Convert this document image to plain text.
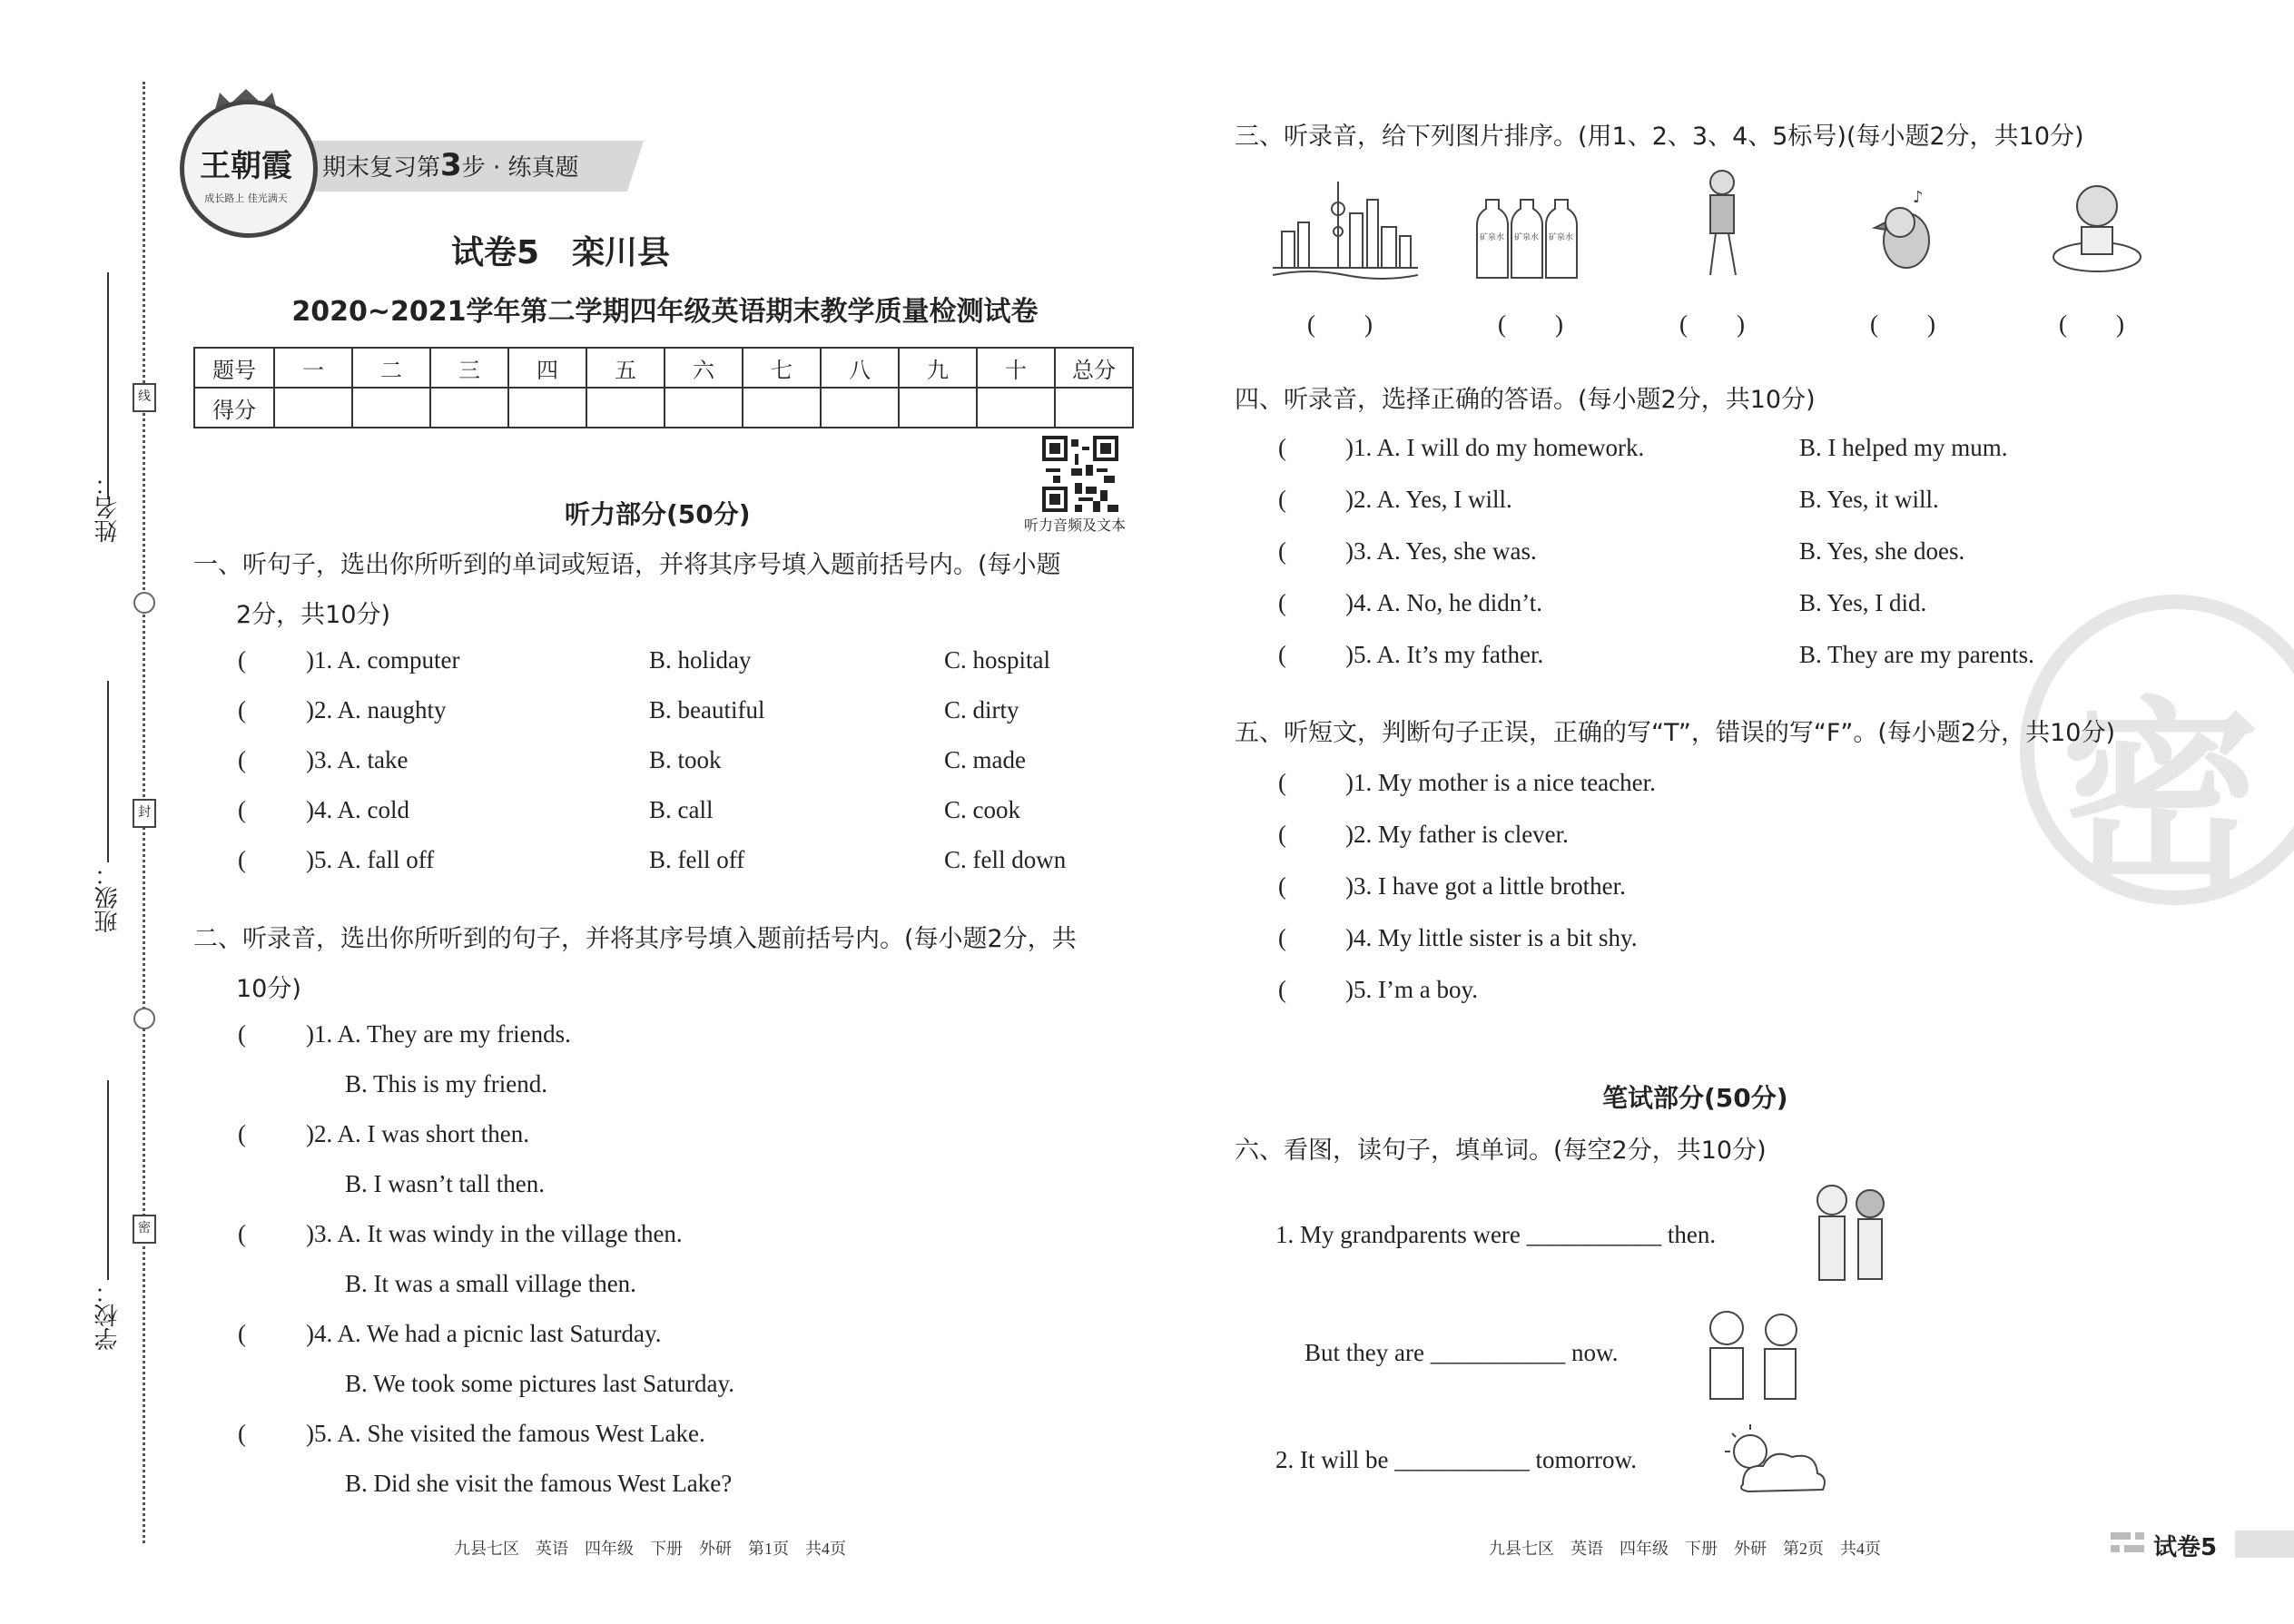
姓名：
班级：
学校：
线
封
密
王朝霞
成长路上 佳光满天
期末复习第3步 · 练真题
试卷5　栾川县
2020~2021学年第二学期四年级英语期末教学质量检测试卷
题号	一	二	三	四	五	六	七	八	九	十	总分
得分											
听力音频及文本
听力部分(50分)
一、听句子，选出你所听到的单词或短语，并将其序号填入题前括号内。(每小题
2分，共10分)
( )1. A. computer	B. holiday	C. hospital
( )2. A. naughty	B. beautiful	C. dirty
( )3. A. take	B. took	C. made
( )4. A. cold	B. call	C. cook
( )5. A. fall off	B. fell off	C. fell down
二、听录音，选出你所听到的句子，并将其序号填入题前括号内。(每小题2分，共
10分)
( )1. A. They are my friends.
B. This is my friend.
( )2. A. I was short then.
B. I wasn’t tall then.
( )3. A. It was windy in the village then.
B. It was a small village then.
( )4. A. We had a picnic last Saturday.
B. We took some pictures last Saturday.
( )5. A. She visited the famous West Lake.
B. Did she visit the famous West Lake?
九县七区　英语　四年级　下册　外研　第1页　共4页
密
三、听录音，给下列图片排序。(用1、2、3、4、5标号)(每小题2分，共10分)
矿泉水 矿泉水 矿泉水
♪
(　　)	(　　)	(　　)	(　　)	(　　)
四、听录音，选择正确的答语。(每小题2分，共10分)
( )1. A. I will do my homework.	B. I helped my mum.
( )2. A. Yes, I will.	B. Yes, it will.
( )3. A. Yes, she was.	B. Yes, she does.
( )4. A. No, he didn’t.	B. Yes, I did.
( )5. A. It’s my father.	B. They are my parents.
五、听短文，判断句子正误，正确的写“T”，错误的写“F”。(每小题2分，共10分)
( )1. My mother is a nice teacher.
( )2. My father is clever.
( )3. I have got a little brother.
( )4. My little sister is a bit shy.
( )5. I’m a boy.
笔试部分(50分)
六、看图，读句子，填单词。(每空2分，共10分)
1. My grandparents were ___________ then.
But they are ___________ now.
2. It will be ___________ tomorrow.
九县七区　英语　四年级　下册　外研　第2页　共4页	试卷5
